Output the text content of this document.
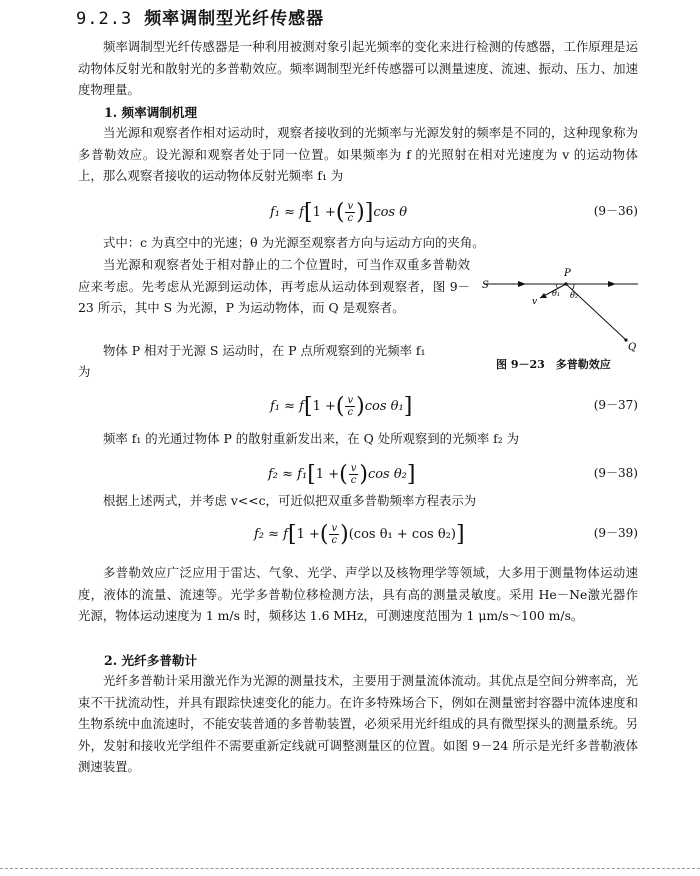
9.2.3 频率调制型光纤传感器

频率调制型光纤传感器是一种利用被测对象引起光频率的变化来进行检测的传感器，工作原理是运动物体反射光和散射光的多普勒效应。频率调制型光纤传感器可以测量速度、流速、振动、压力、加速度物理量。

1. 频率调制机理

当光源和观察者作相对运动时，观察者接收到的光频率与光源发射的频率是不同的，这种现象称为多普勒效应。设光源和观察者处于同一位置。如果频率为 f 的光照射在相对光速度为 v 的运动物体上，那么观察者接收的运动物体反射光频率 f₁ 为

f₁ ≈ f[1 +( $\frac{v}{c} )]\cos$ θ	(9－36)

式中：c 为真空中的光速；θ 为光源至观察者方向与运动方向的夹角。

当光源和观察者处于相对静止的二个位置时，可当作双重多普勒效应来考虑。先考虑从光源到运动体，再考虑从运动体到观察者，图 9－23 所示，其中 S 为光源，P 为运动物体，而 Q 是观察者。

物体 P 相对于光源 S 运动时，在 P 点所观察到的光频率 f₁

为

S
P
Q
v
θ₁ θ₂
图 9－23　多普勒效应
f₁ ≈ f[1 +( $\frac{v}{c} )\cos$ θ₁]	(9－37)

频率 f₁ 的光通过物体 P 的散射重新发出来，在 Q 处所观察到的光频率 f₂ 为

f₂ ≈ f₁[1 +( $\frac{v}{c} )\cos$ θ₂]	(9－38)

根据上述两式，并考虑 v<<c，可近似把双重多普勒频率方程表示为

f₂ ≈ f[1 +( $\frac{v}{c} )(\cos$ θ₁ + cos θ₂)]	(9－39)

多普勒效应广泛应用于雷达、气象、光学、声学以及核物理学等领域，大多用于测量物体运动速度，液体的流量、流速等。光学多普勒位移检测方法，具有高的测量灵敏度。采用 He－Ne激光器作光源，物体运动速度为 1 m/s 时，频移达 1.6 MHz，可测速度范围为 1 μm/s～100 m/s。

2. 光纤多普勒计

光纤多普勒计采用激光作为光源的测量技术，主要用于测量流体流动。其优点是空间分辨率高，光束不干扰流动性，并具有跟踪快速变化的能力。在许多特殊场合下，例如在测量密封容器中流体速度和生物系统中血流速时，不能安装普通的多普勒装置，必须采用光纤组成的具有微型探头的测量系统。另外，发射和接收光学组件不需要重新定线就可调整测量区的位置。如图 9－24 所示是光纤多普勒液体测速装置。
